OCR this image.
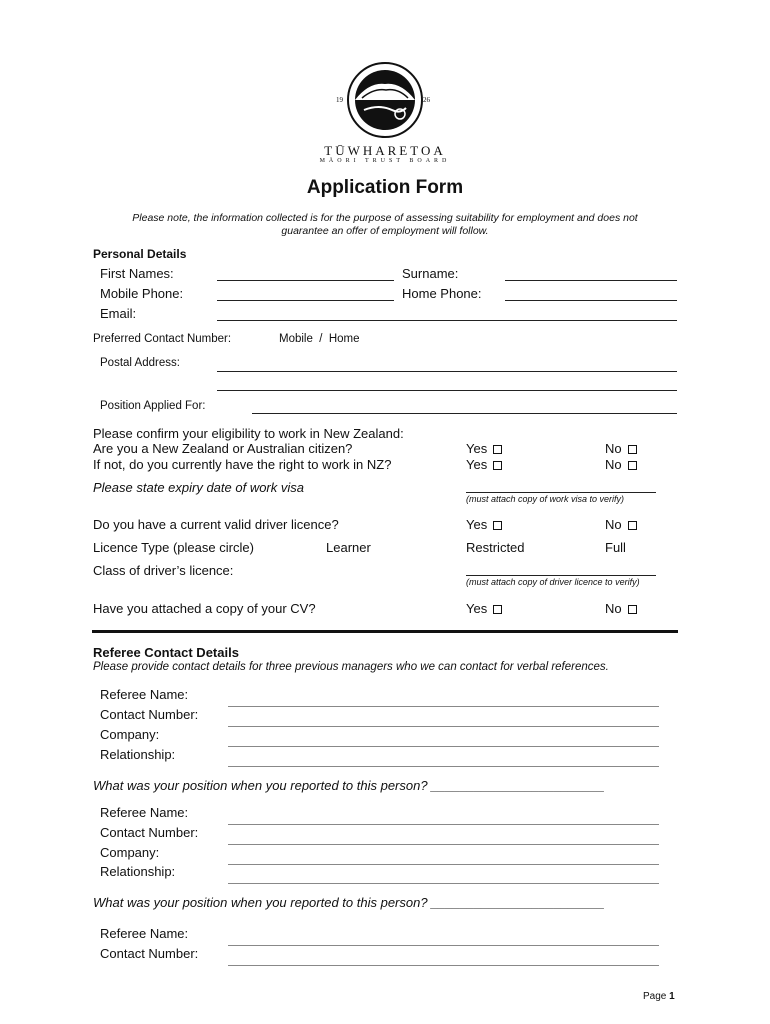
19	26
TŪWHARETOA
MĀORI TRUST BOARD
Application Form
Please note, the information collected is for the purpose of assessing suitability for employment and does not
guarantee an offer of employment will follow.
Personal Details
First Names:	Surname:
Mobile Phone:	Home Phone:
Email:
Preferred Contact Number:	Mobile  /  Home
Postal Address:
Position Applied For:
Please confirm your eligibility to work in New Zealand:
Are you a New Zealand or Australian citizen?	Yes	No
If not, do you currently have the right to work in NZ?	Yes	No
Please state expiry date of work visa
(must attach copy of work visa to verify)
Do you have a current valid driver licence?	Yes	No
Licence Type (please circle)	Learner	Restricted	Full
Class of driver’s licence:
(must attach copy of driver licence to verify)
Have you attached a copy of your CV?	Yes	No
Referee Contact Details
Please provide contact details for three previous managers who we can contact for verbal references.
Referee Name:
Contact Number:
Company:
Relationship:
What was your position when you reported to this person? ________________________
Referee Name:
Contact Number:
Company:
Relationship:
What was your position when you reported to this person? ________________________
Referee Name:
Contact Number:
Page 1
